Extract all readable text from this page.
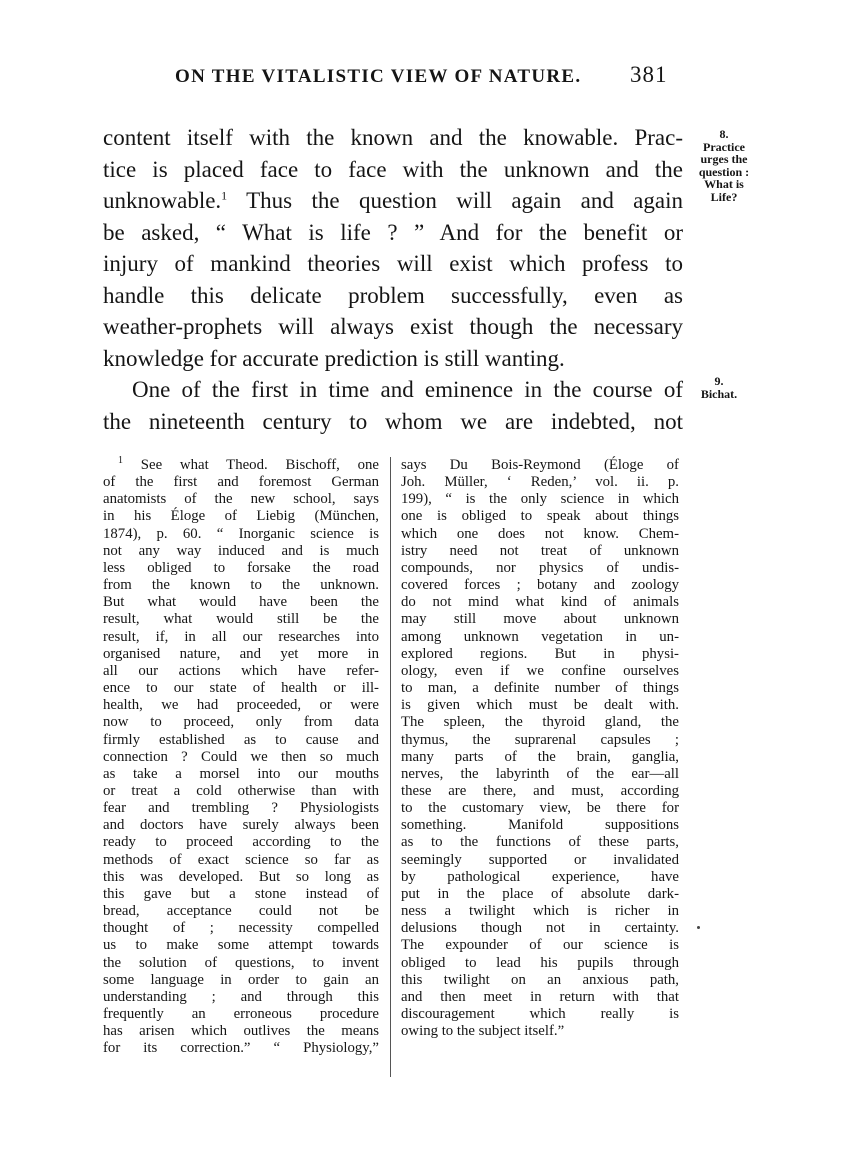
ON THE VITALISTIC VIEW OF NATURE. 381
content itself with the known and the knowable. Prac-
tice is placed face to face with the unknown and the
unknowable.$^1$ Thus the question will again and again
be asked, “ What is life ? ” And for the benefit or
injury of mankind theories will exist which profess to
handle this delicate problem successfully, even as
weather-prophets will always exist though the necessary
knowledge for accurate prediction is still wanting.
One of the first in time and eminence in the course of
the nineteenth century to whom we are indebted, not
8.
Practice
urges the
question :
What is
Life?
9.
Bichat.
$^1$ See what Theod. Bischoff, one
of the first and foremost German
anatomists of the new school, says
in his Éloge of Liebig (München,
1874), p. 60. “ Inorganic science is
not any way induced and is much
less obliged to forsake the road
from the known to the unknown.
But what would have been the
result, what would still be the
result, if, in all our researches into
organised nature, and yet more in
all our actions which have refer-
ence to our state of health or ill-
health, we had proceeded, or were
now to proceed, only from data
firmly established as to cause and
connection ? Could we then so much
as take a morsel into our mouths
or treat a cold otherwise than with
fear and trembling ? Physiologists
and doctors have surely always been
ready to proceed according to the
methods of exact science so far as
this was developed. But so long as
this gave but a stone instead of
bread, acceptance could not be
thought of ; necessity compelled
us to make some attempt towards
the solution of questions, to invent
some language in order to gain an
understanding ; and through this
frequently an erroneous procedure
has arisen which outlives the means
for its correction.” “ Physiology,”
says Du Bois-Reymond (Éloge of
Joh. Müller, ‘ Reden,’ vol. ii. p.
199), “ is the only science in which
one is obliged to speak about things
which one does not know. Chem-
istry need not treat of unknown
compounds, nor physics of undis-
covered forces ; botany and zoology
do not mind what kind of animals
may still move about unknown
among unknown vegetation in un-
explored regions. But in physi-
ology, even if we confine ourselves
to man, a definite number of things
is given which must be dealt with.
The spleen, the thyroid gland, the
thymus, the suprarenal capsules ;
many parts of the brain, ganglia,
nerves, the labyrinth of the ear—all
these are there, and must, according
to the customary view, be there for
something. Manifold suppositions
as to the functions of these parts,
seemingly supported or invalidated
by pathological experience, have
put in the place of absolute dark-
ness a twilight which is richer in
delusions though not in certainty.
The expounder of our science is
obliged to lead his pupils through
this twilight on an anxious path,
and then meet in return with that
discouragement which really is
owing to the subject itself.”
